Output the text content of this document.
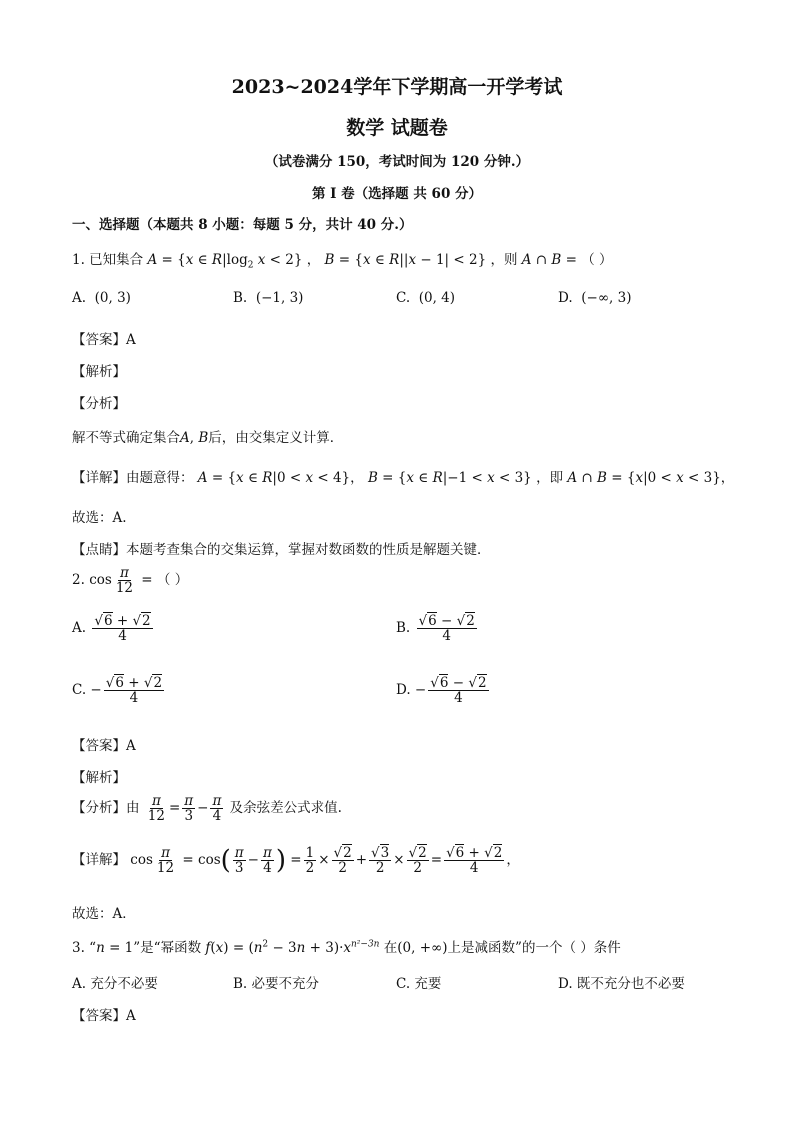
2023~2024学年下学期高一开学考试
数学 试题卷
（试卷满分 150，考试时间为 120 分钟.）
第 I 卷（选择题 共 60 分）
一、选择题（本题共 8 小题：每题 5 分，共计 40 分.）
1. 已知集合 A = {x ∈ $R|\log_2$ x < 2} ， B = {x ∈ R||x − 1| < 2} ，则 A ∩ B = （ ）
A. (0, 3)	B. (−1, 3)	C. (0, 4)	D. (−∞, 3)
【答案】A
【解析】
【分析】
解不等式确定集合A, B后，由交集定义计算．
【详解】由题意得： A = {x ∈ R|0 < x < 4}， B = {x ∈ R|−1 < x < 3} ，即 A ∩ B = {x|0 < x < 3}，
故选：A.
【点睛】本题考查集合的交集运算，掌握对数函数的性质是解题关键．
2. $\cos \frac{\pi}{12}$ = （ ）
A. $\frac{√6 + √2}{4}$	B. $\frac{√6 - √2}{4}$
C. − $\frac{√6 + √2}{4}$	D. − $\frac{√6 - √2}{4}$
【答案】A
【解析】
【分析】由 $\frac{\pi}{12} = \frac{\pi}{3} - \frac{\pi}{4}$ 及余弦差公式求值.
【详解】 $\cos \frac{\pi}{12} = \cos( \frac{\pi}{3} - \frac{\pi}{4}$ ) = $\frac{1}{2} \times \frac{√2}{2} + \frac{√3}{2} \times \frac{√2}{2} = \frac{√6 + √2}{4}$ ，
故选：A．
3. “n = 1”是“幂函数 $f(x) = (n^2 - 3n + 3)\cdot x^{n^2-3n}$ 在(0, +∞)上是减函数”的一个（ ）条件
A. 充分不必要	B. 必要不充分	C. 充要	D. 既不充分也不必要
【答案】A
